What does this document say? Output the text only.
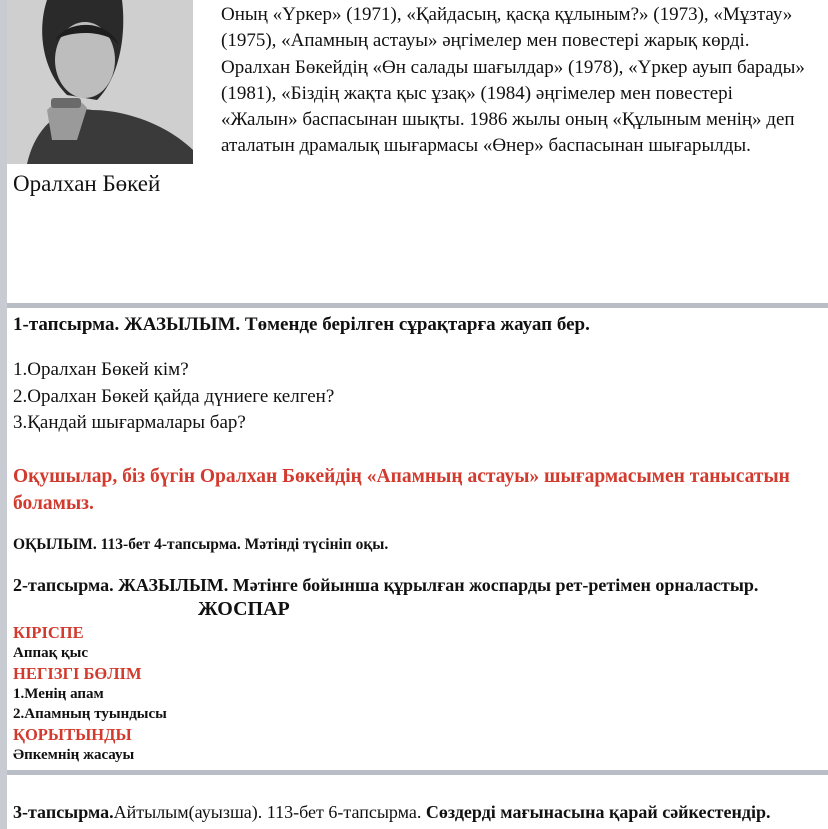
Оралхан Бөкей

Оның «Үркер» (1971), «Қайдасың, қасқа құлыным?» (1973), «Мұзтау» (1975), «Апамның астауы» әңгімелер мен повестері жарық көрді. Оралхан Бөкейдің «Өн салады шағылдар» (1978), «Үркер ауып барады» (1981), «Біздің жақта қыс ұзақ» (1984) әңгімелер мен повестері «Жалын» баспасынан шықты. 1986 жылы оның «Құлыным менің» деп аталатын драмалық шығармасы «Өнер» баспасынан шығарылды.

1-тапсырма. ЖАЗЫЛЫМ. Төменде берілген сұрақтарға жауап бер.

1.Оралхан Бөкей кім?

2.Оралхан Бөкей қайда дүниеге келген?

3.Қандай шығармалары бар?

Оқушылар, біз бүгін Оралхан Бөкейдің «Апамның астауы» шығармасымен танысатын боламыз.

ОҚЫЛЫМ. 113-бет 4-тапсырма. Мәтінді түсініп оқы.

2-тапсырма. ЖАЗЫЛЫМ. Мәтінге бойынша құрылған жоспарды рет-ретімен орналастыр.

ЖОСПАР

КІРІСПЕ

Аппақ қыс

НЕГІЗГІ БӨЛІМ

1.Менің апам

2.Апамның туындысы

ҚОРЫТЫНДЫ

Әпкемнің жасауы

3-тапсырма.Айтылым(ауызша). 113-бет 6-тапсырма. Сөздерді мағынасына қарай сәйкестендір.
